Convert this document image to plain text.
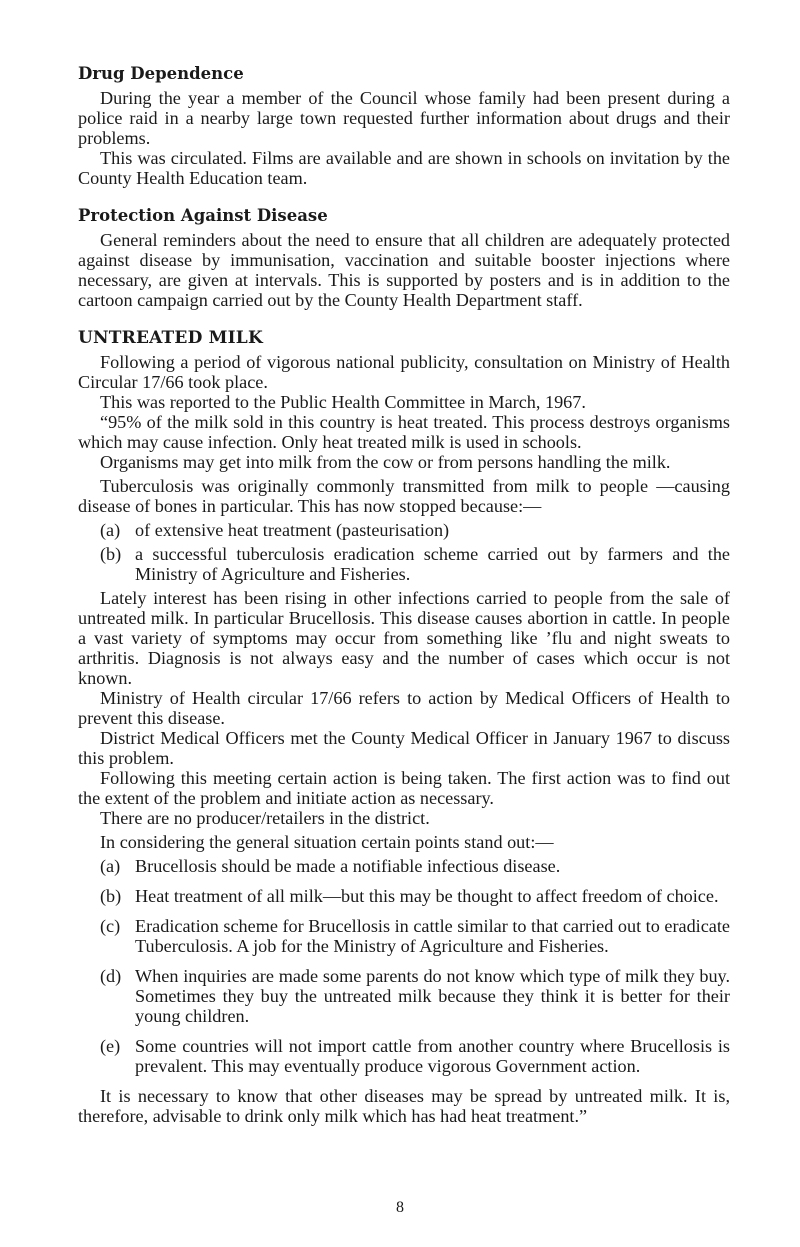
Drug Dependence

During the year a member of the Council whose family had been present during a police raid in a nearby large town requested further information about drugs and their problems.

This was circulated. Films are available and are shown in schools on invitation by the County Health Education team.

Protection Against Disease

General reminders about the need to ensure that all children are adequately protected against disease by immunisation, vaccination and suitable booster injections where necessary, are given at intervals. This is supported by posters and is in addition to the cartoon campaign carried out by the County Health Department staff.

UNTREATED MILK

Following a period of vigorous national publicity, consultation on Ministry of Health Circular 17/66 took place.

This was reported to the Public Health Committee in March, 1967.

“95% of the milk sold in this country is heat treated. This process destroys organisms which may cause infection. Only heat treated milk is used in schools.

Organisms may get into milk from the cow or from persons handling the milk.

Tuberculosis was originally commonly transmitted from milk to people —causing disease of bones in particular. This has now stopped because:—

(a) of extensive heat treatment (pasteurisation)
(b) a successful tuberculosis eradication scheme carried out by farmers and the Ministry of Agriculture and Fisheries.

Lately interest has been rising in other infections carried to people from the sale of untreated milk. In particular Brucellosis. This disease causes abortion in cattle. In people a vast variety of symptoms may occur from something like ’flu and night sweats to arthritis. Diagnosis is not always easy and the number of cases which occur is not known.

Ministry of Health circular 17/66 refers to action by Medical Officers of Health to prevent this disease.

District Medical Officers met the County Medical Officer in January 1967 to discuss this problem.

Following this meeting certain action is being taken. The first action was to find out the extent of the problem and initiate action as necessary.

There are no producer/retailers in the district.

In considering the general situation certain points stand out:—

(a) Brucellosis should be made a notifiable infectious disease.
(b) Heat treatment of all milk—but this may be thought to affect freedom of choice.
(c) Eradication scheme for Brucellosis in cattle similar to that carried out to eradicate Tuberculosis. A job for the Ministry of Agriculture and Fisheries.
(d) When inquiries are made some parents do not know which type of milk they buy. Sometimes they buy the untreated milk because they think it is better for their young children.
(e) Some countries will not import cattle from another country where Brucellosis is prevalent. This may eventually produce vigorous Government action.

It is necessary to know that other diseases may be spread by untreated milk. It is, therefore, advisable to drink only milk which has had heat treatment.”

8
